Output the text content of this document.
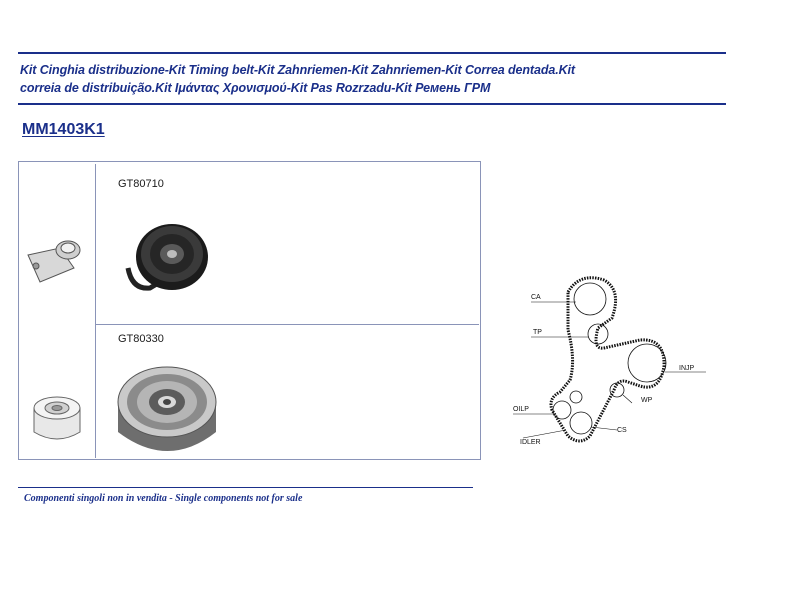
Kit Cinghia distribuzione-Kit Timing belt-Kit Zahnriemen-Kit Zahnriemen-Kit Correa dentada.Kit
correia de distribuição.Kit Ιμάντας Χρονισμού-Kit Pas Rozrzadu-Kit Ремень ГРМ
MM1403K1
GT80710
GT80330
CA
TP
INJP
WP
OILP
CS
IDLER
Componenti singoli non in vendita - Single components not for sale
